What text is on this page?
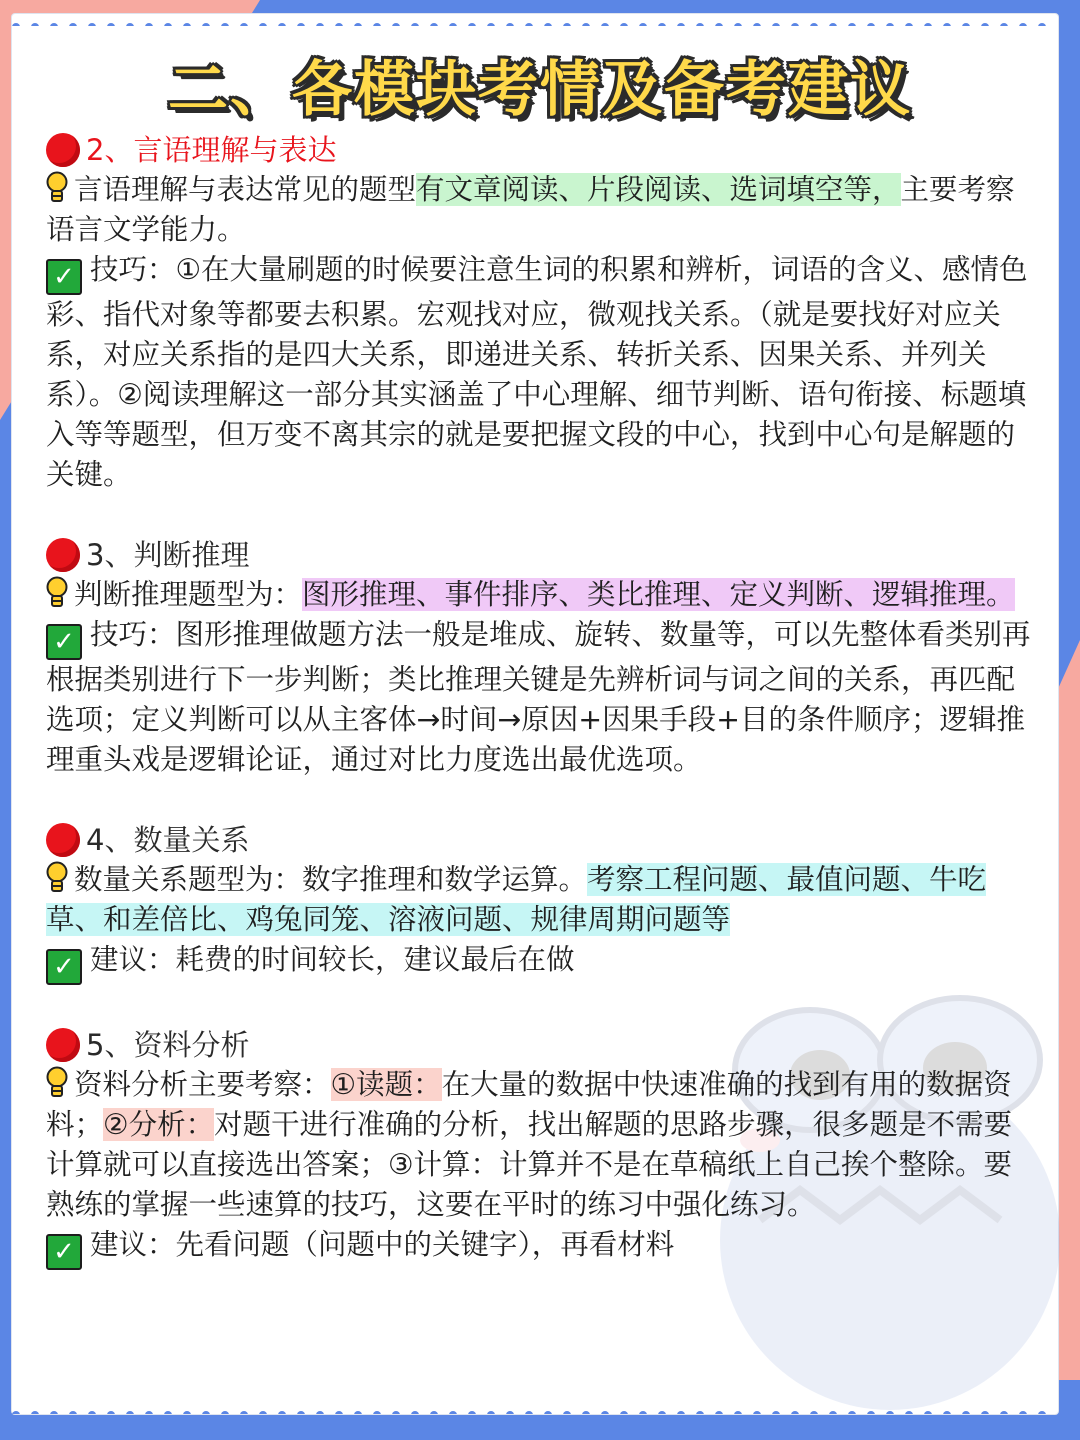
二、各模块考情及备考建议
2、言语理解与表达

言语理解与表达常见的题型有文章阅读、片段阅读、选词填空等，主要考察语言文学能力。

✓ 技巧：①在大量刷题的时候要注意生词的积累和辨析，词语的含义、感情色彩、指代对象等都要去积累。宏观找对应，微观找关系。（就是要找好对应关系，对应关系指的是四大关系，即递进关系、转折关系、因果关系、并列关系）。②阅读理解这一部分其实涵盖了中心理解、细节判断、语句衔接、标题填入等等题型，但万变不离其宗的就是要把握文段的中心，找到中心句是解题的关键。

3、判断推理

判断推理题型为：图形推理、事件排序、类比推理、定义判断、逻辑推理。

✓ 技巧：图形推理做题方法一般是堆成、旋转、数量等，可以先整体看类别再根据类别进行下一步判断；类比推理关键是先辨析词与词之间的关系，再匹配选项；定义判断可以从主客体→时间→原因+因果手段+目的条件顺序；逻辑推理重头戏是逻辑论证，通过对比力度选出最优选项。

4、数量关系

数量关系题型为：数字推理和数学运算。考察工程问题、最值问题、牛吃草、和差倍比、鸡兔同笼、溶液问题、规律周期问题等

✓ 建议：耗费的时间较长，建议最后在做

5、资料分析

资料分析主要考察：①读题：在大量的数据中快速准确的找到有用的数据资料；②分析：对题干进行准确的分析，找出解题的思路步骤，很多题是不需要计算就可以直接选出答案；③计算：计算并不是在草稿纸上自己挨个整除。要熟练的掌握一些速算的技巧，这要在平时的练习中强化练习。

✓ 建议：先看问题（问题中的关键字），再看材料
